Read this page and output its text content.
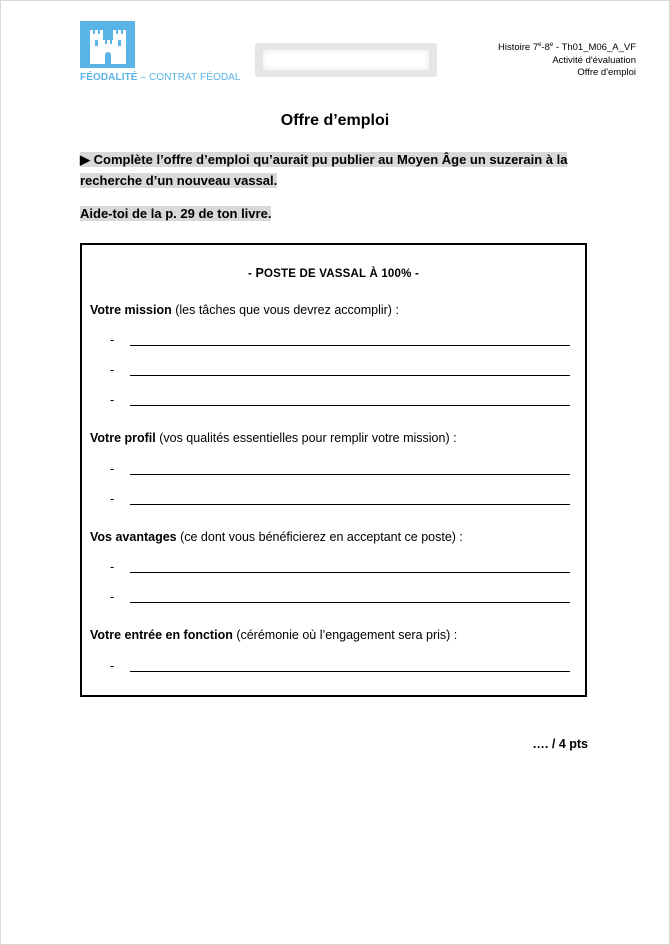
FÉODALITÉ – CONTRAT FÉODAL
Histoire 7e-8e - Th01_M06_A_VF
Activité d'évaluation
Offre d'emploi
Offre d’emploi
▶ Complète l’offre d’emploi qu’aurait pu publier au Moyen Âge un suzerain à la recherche d’un nouveau vassal.
Aide-toi de la p. 29 de ton livre.
- POSTE DE VASSAL À 100% -
Votre mission (les tâches que vous devrez accomplir) :
-
-
-
Votre profil (vos qualités essentielles pour remplir votre mission) :
-
-
Vos avantages (ce dont vous bénéficierez en acceptant ce poste) :
-
-
Votre entrée en fonction (cérémonie où l’engagement sera pris) :
-
…. / 4 pts
